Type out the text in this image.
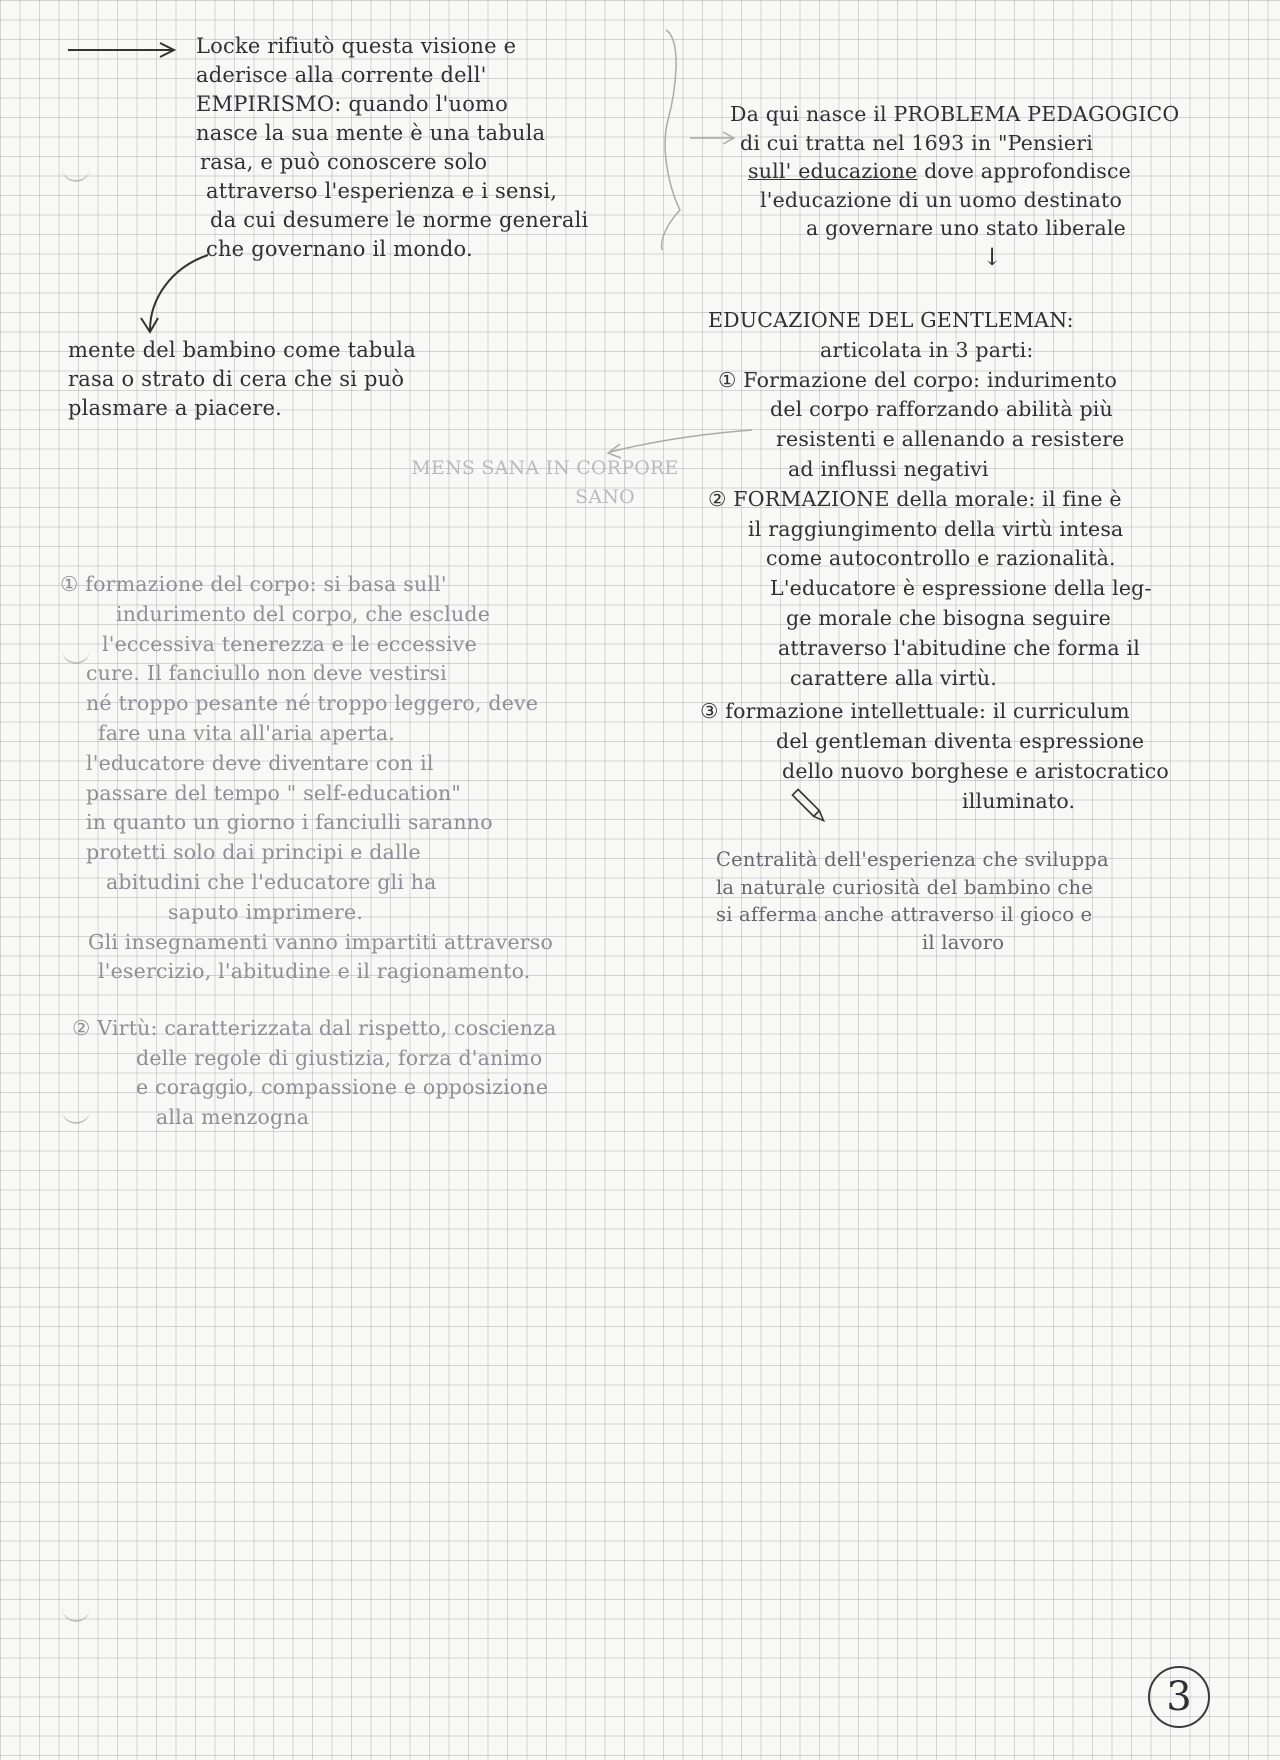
Locke rifiutò questa visione e
aderisce alla corrente dell'
EMPIRISMO: quando l'uomo
nasce la sua mente è una tabula
rasa, e può conoscere solo
attraverso l'esperienza e i sensi,
da cui desumere le norme generali
che governano il mondo.
mente del bambino come tabula
rasa o strato di cera che si può
plasmare a piacere.
MENS SANA IN CORPORE
SANO
① formazione del corpo: si basa sull'
indurimento del corpo, che esclude
l'eccessiva tenerezza e le eccessive
cure. Il fanciullo non deve vestirsi
né troppo pesante né troppo leggero, deve
fare una vita all'aria aperta.
l'educatore deve diventare con il
passare del tempo " self-education"
in quanto un giorno i fanciulli saranno
protetti solo dai principi e dalle
abitudini che l'educatore gli ha
saputo imprimere.
Gli insegnamenti vanno impartiti attraverso
l'esercizio, l'abitudine e il ragionamento.
② Virtù: caratterizzata dal rispetto, coscienza
delle regole di giustizia, forza d'animo
e coraggio, compassione e opposizione
alla menzogna
Da qui nasce il PROBLEMA PEDAGOGICO
di cui tratta nel 1693 in "Pensieri
sull' educazione dove approfondisce
l'educazione di un uomo destinato
a governare uno stato liberale
↓
EDUCAZIONE DEL GENTLEMAN:
articolata in 3 parti:
① Formazione del corpo: indurimento
del corpo rafforzando abilità più
resistenti e allenando a resistere
ad influssi negativi
② FORMAZIONE della morale: il fine è
il raggiungimento della virtù intesa
come autocontrollo e razionalità.
L'educatore è espressione della leg-
ge morale che bisogna seguire
attraverso l'abitudine che forma il
carattere alla virtù.
③ formazione intellettuale: il curriculum
del gentleman diventa espressione
dello nuovo borghese e aristocratico
illuminato.
Centralità dell'esperienza che sviluppa
la naturale curiosità del bambino che
si afferma anche attraverso il gioco e
il lavoro
3
